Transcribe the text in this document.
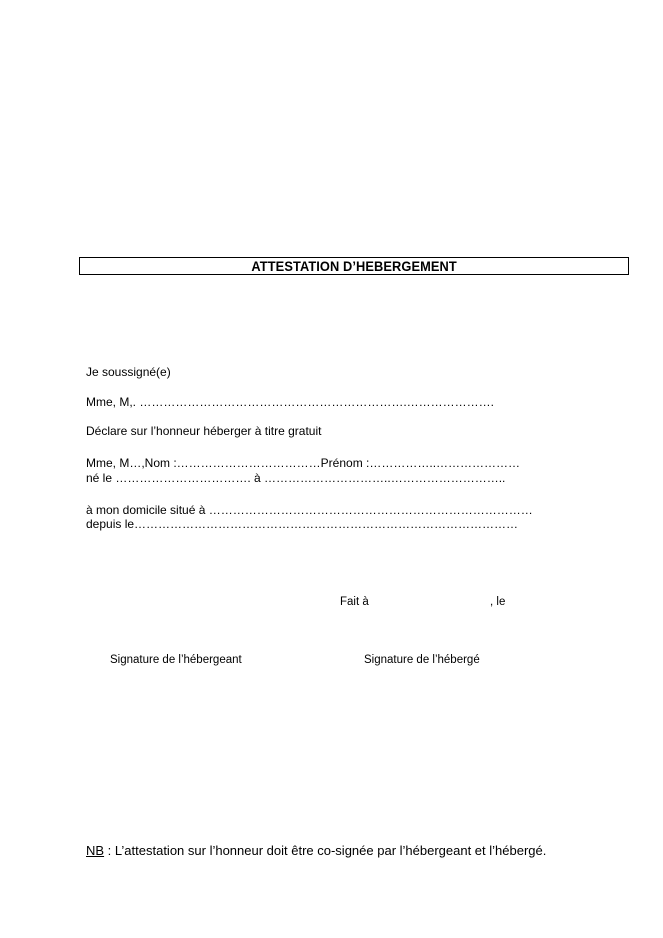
ATTESTATION D’HEBERGEMENT
Je soussigné(e)
Mme, M,. ………………………………………………………….………………….
Déclare sur l’honneur héberger à titre gratuit
Mme, M…,Nom :………………………………Prénom :……………..…………………
né le ……………………………. à …………………………..………………………..
à mon domicile situé à ………………………………………………………………………
depuis le……………………………………………………………………………………
Fait à	, le
Signature de l’hébergeant	Signature de l’hébergé
NB : L’attestation sur l’honneur doit être co-signée par l’hébergeant et l’hébergé.
